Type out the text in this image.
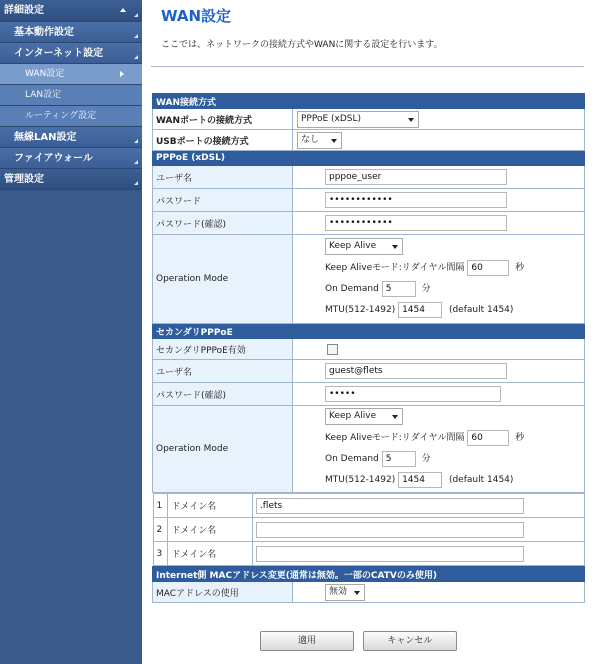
詳細設定
基本動作設定
インターネット設定
WAN設定
LAN設定
ルーティング設定
無線LAN設定
ファイアウォール
管理設定
WAN設定
ここでは、ネットワークの接続方式やWANに関する設定を行います。
WAN接続方式
WANポートの接続方式	PPPoE (xDSL)

USBポートの接続方式	なし

PPPoE (xDSL)
ユーザ名	pppoe_user
パスワード	••••••••••••
パスワード(確認)	••••••••••••
Operation Mode	
Keep Alive
Keep Aliveモード:リダイヤル間隔 60	秒
On Demand 5	分
MTU(512-1492) 1454	(default 1454)

セカンダリPPPoE
セカンダリPPPoE有効	
ユーザ名	guest@flets
パスワード(確認)	•••••
Operation Mode	
Keep Alive
Keep Aliveモード:リダイヤル間隔 60	秒
On Demand 5	分
MTU(512-1492) 1454	(default 1454)

1	ドメイン名	.flets
2	ドメイン名	
3	ドメイン名	

Internet側 MACアドレス変更(通常は無効。一部のCATVのみ使用)
MACアドレスの使用	無効
適用	キャンセル
